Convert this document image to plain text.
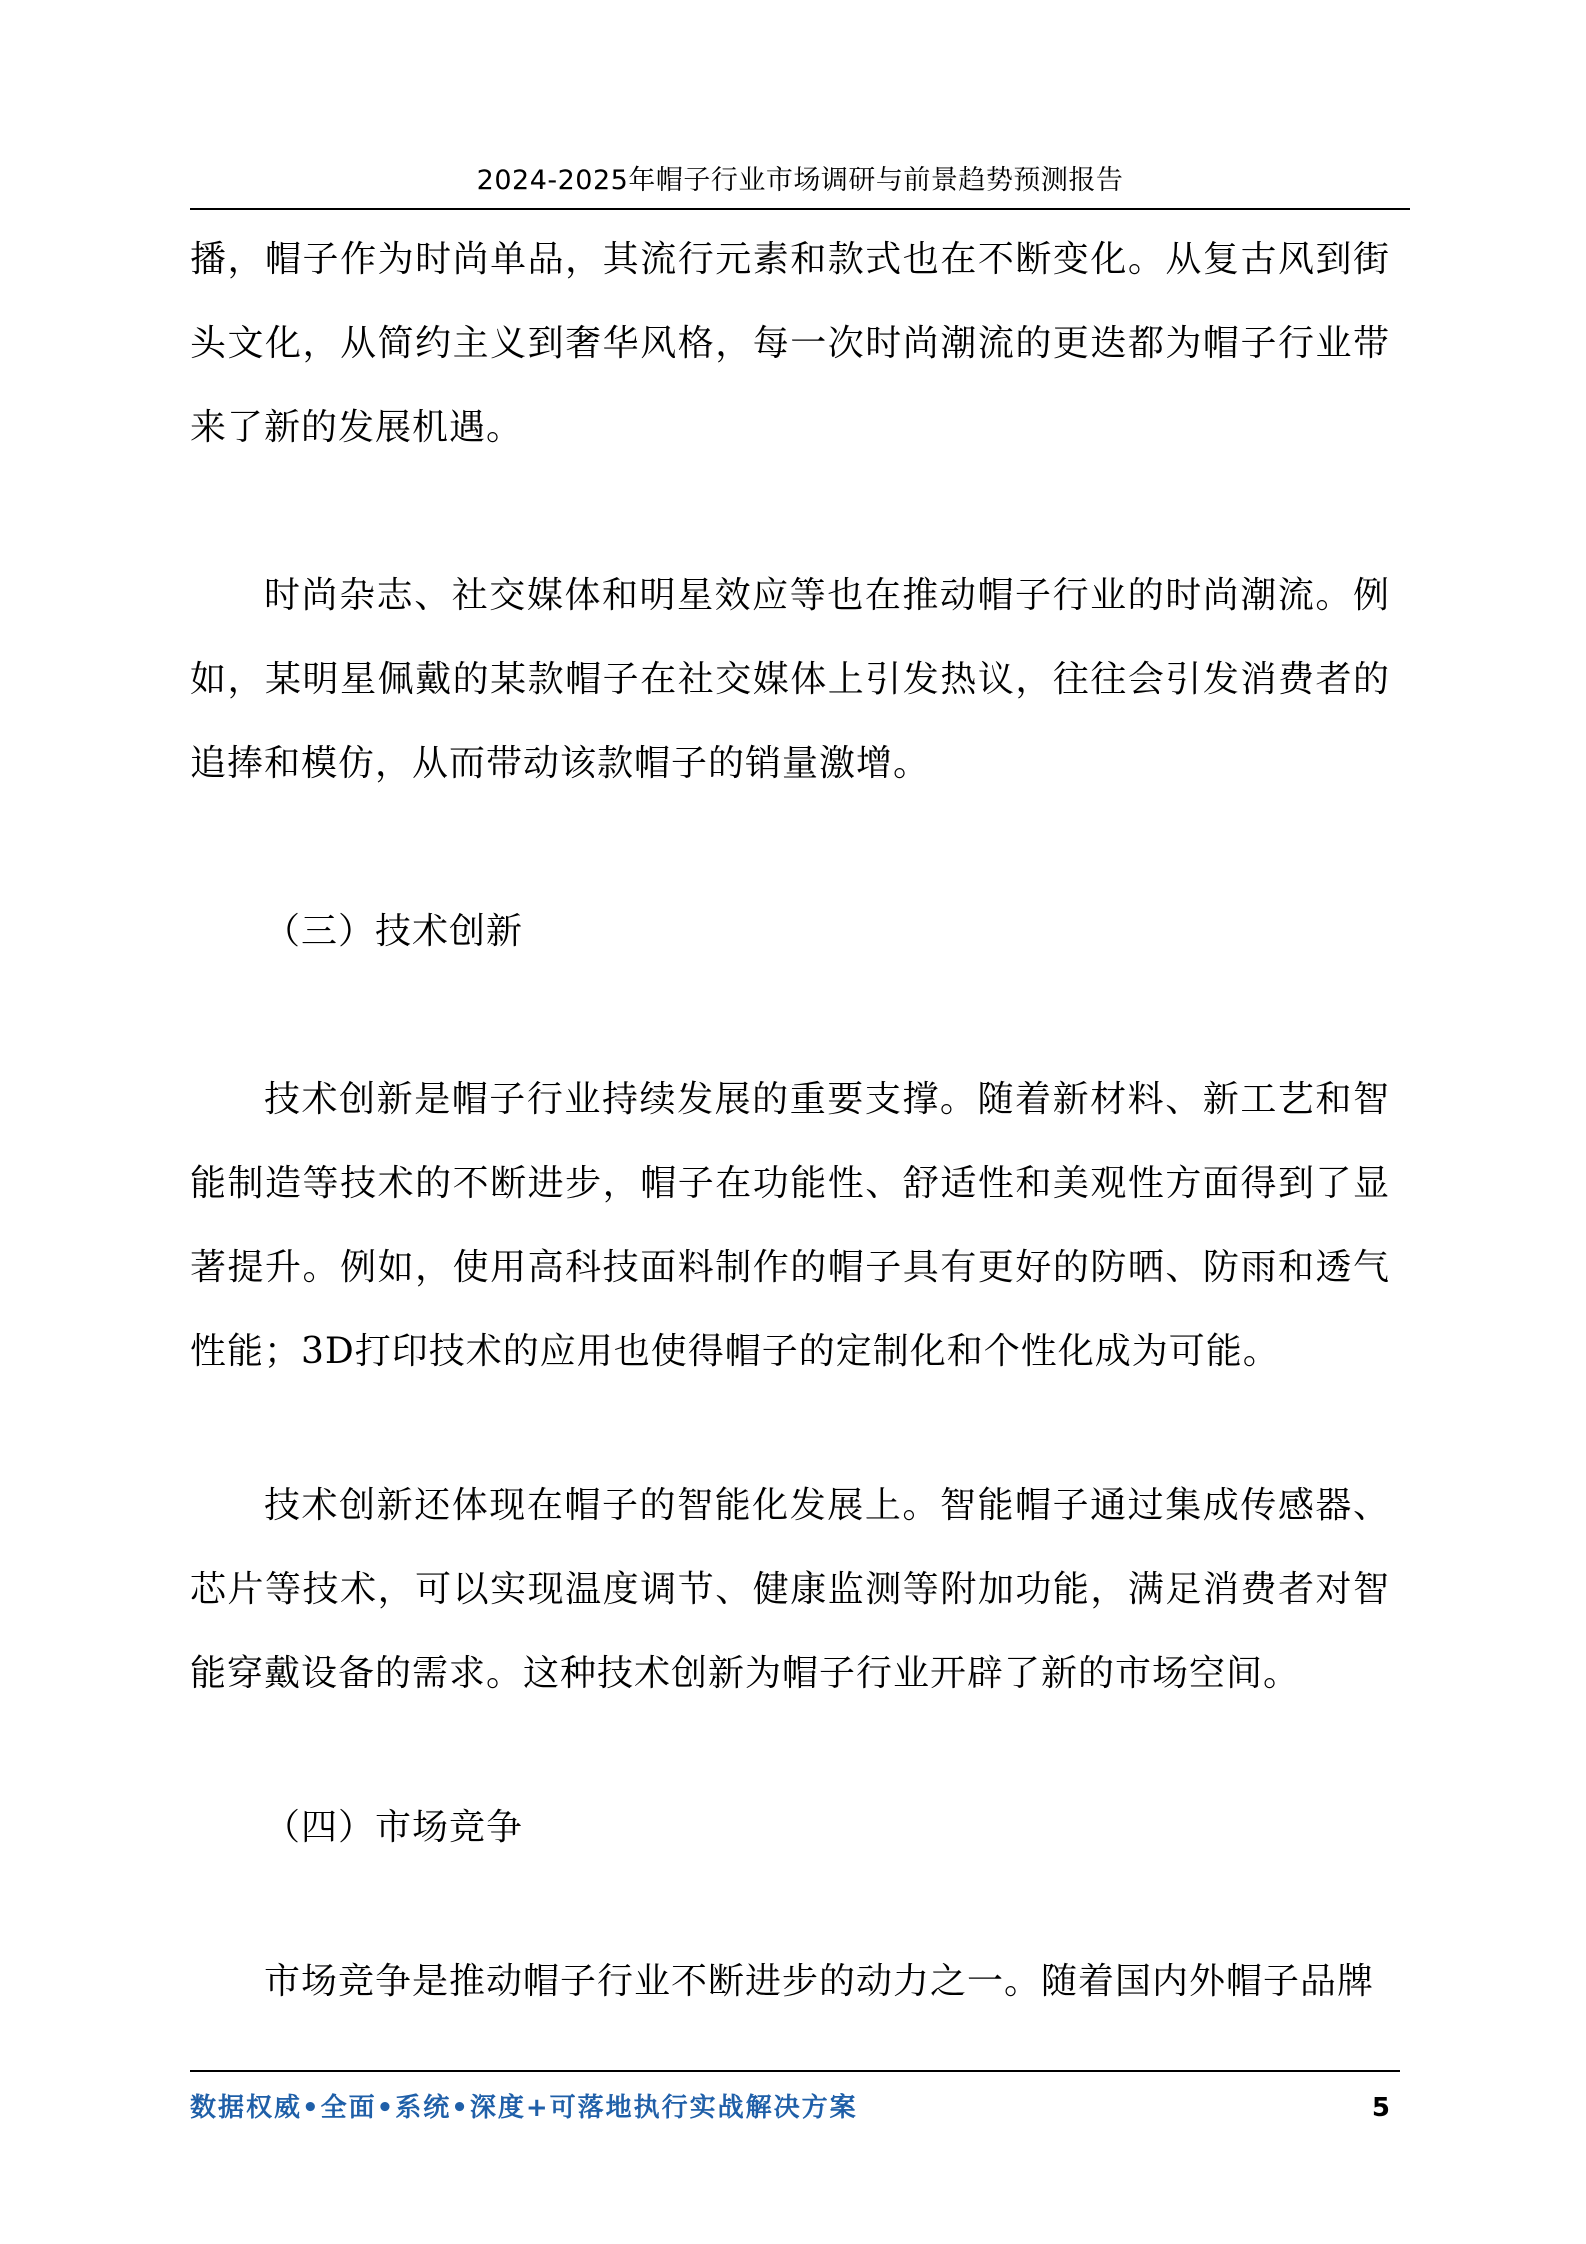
2024-2025年帽子行业市场调研与前景趋势预测报告

播，帽子作为时尚单品，其流行元素和款式也在不断变化。从复古风到街头文化，从简约主义到奢华风格，每一次时尚潮流的更迭都为帽子行业带来了新的发展机遇。

时尚杂志、社交媒体和明星效应等也在推动帽子行业的时尚潮流。例如，某明星佩戴的某款帽子在社交媒体上引发热议，往往会引发消费者的追捧和模仿，从而带动该款帽子的销量激增。

（三）技术创新

技术创新是帽子行业持续发展的重要支撑。随着新材料、新工艺和智能制造等技术的不断进步，帽子在功能性、舒适性和美观性方面得到了显著提升。例如，使用高科技面料制作的帽子具有更好的防晒、防雨和透气性能；3D打印技术的应用也使得帽子的定制化和个性化成为可能。

技术创新还体现在帽子的智能化发展上。智能帽子通过集成传感器、芯片等技术，可以实现温度调节、健康监测等附加功能，满足消费者对智能穿戴设备的需求。这种技术创新为帽子行业开辟了新的市场空间。

（四）市场竞争

市场竞争是推动帽子行业不断进步的动力之一。随着国内外帽子品牌

数据权威•全面•系统•深度+可落地执行实战解决方案	5
